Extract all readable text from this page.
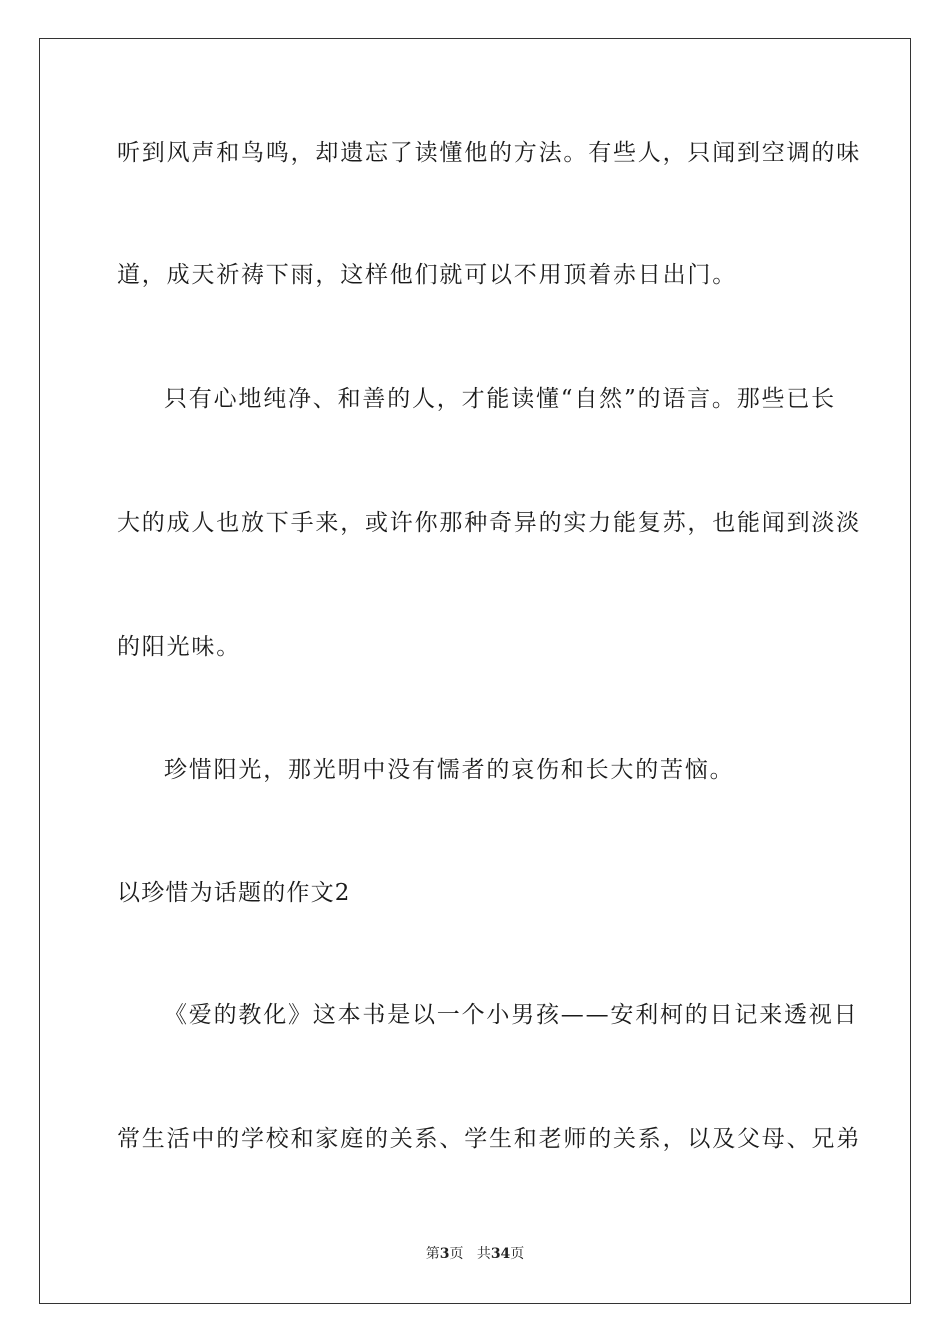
听到风声和鸟鸣，却遗忘了读懂他的方法。有些人，只闻到空调的味
道，成天祈祷下雨，这样他们就可以不用顶着赤日出门。
只有心地纯净、和善的人，才能读懂“自然”的语言。那些已长
大的成人也放下手来，或许你那种奇异的实力能复苏，也能闻到淡淡
的阳光味。
珍惜阳光，那光明中没有懦者的哀伤和长大的苦恼。
以珍惜为话题的作文2
《爱的教化》这本书是以一个小男孩——安利柯的日记来透视日
常生活中的学校和家庭的关系、学生和老师的关系，以及父母、兄弟
第3页 共34页
